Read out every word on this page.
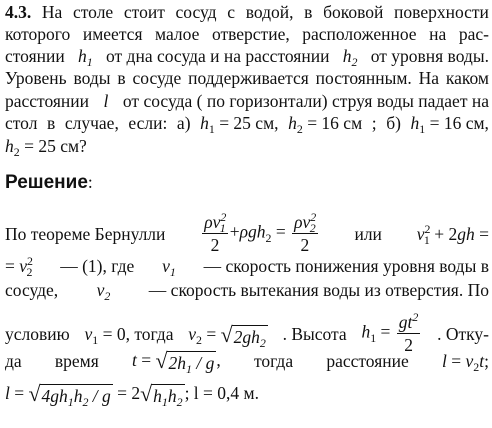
4.3. На столе стоит сосуд с водой, в боковой поверхности
которого имеется малое отверстие, расположенное на рас-
стоянии $h_1$ от дна сосуда и на расстоянии $h_2$ от уровня воды.
Уровень воды в сосуде поддерживается постоянным. На каком
расстоянии l от сосуда ( по горизонтали) струя воды падает на
стол в случае, если: а) $h_1 = 25$ см, $h_2 = 16$ см ; б) $h_1 = 16$ см,
$h_2 = 25$ см?
Решение:
По теореме Бернулли $\frac{\rho v^2_1}{2} +\rho gh_2 = \frac{\rho v^2_2}{2}$ или $v^2_1 + 2gh$ =
= $v^2_2$ — (1), где $v_1$ — скорость понижения уровня воды в
сосуде, $v_2$ — скорость вытекания воды из отверстия. По
условию $v_1 = 0$, тогда $v_2$ = √ $2gh_2$ . Высота $h_1 = \frac{gt^2}{2}$ . Отку-
да время t = √ $2h_1$ / g , тогда расстояние $l = v_2t$;
l = √ $4gh_1h_2 / g = 2$ √ $h_1h_2$ ; l = 0,4 м.
